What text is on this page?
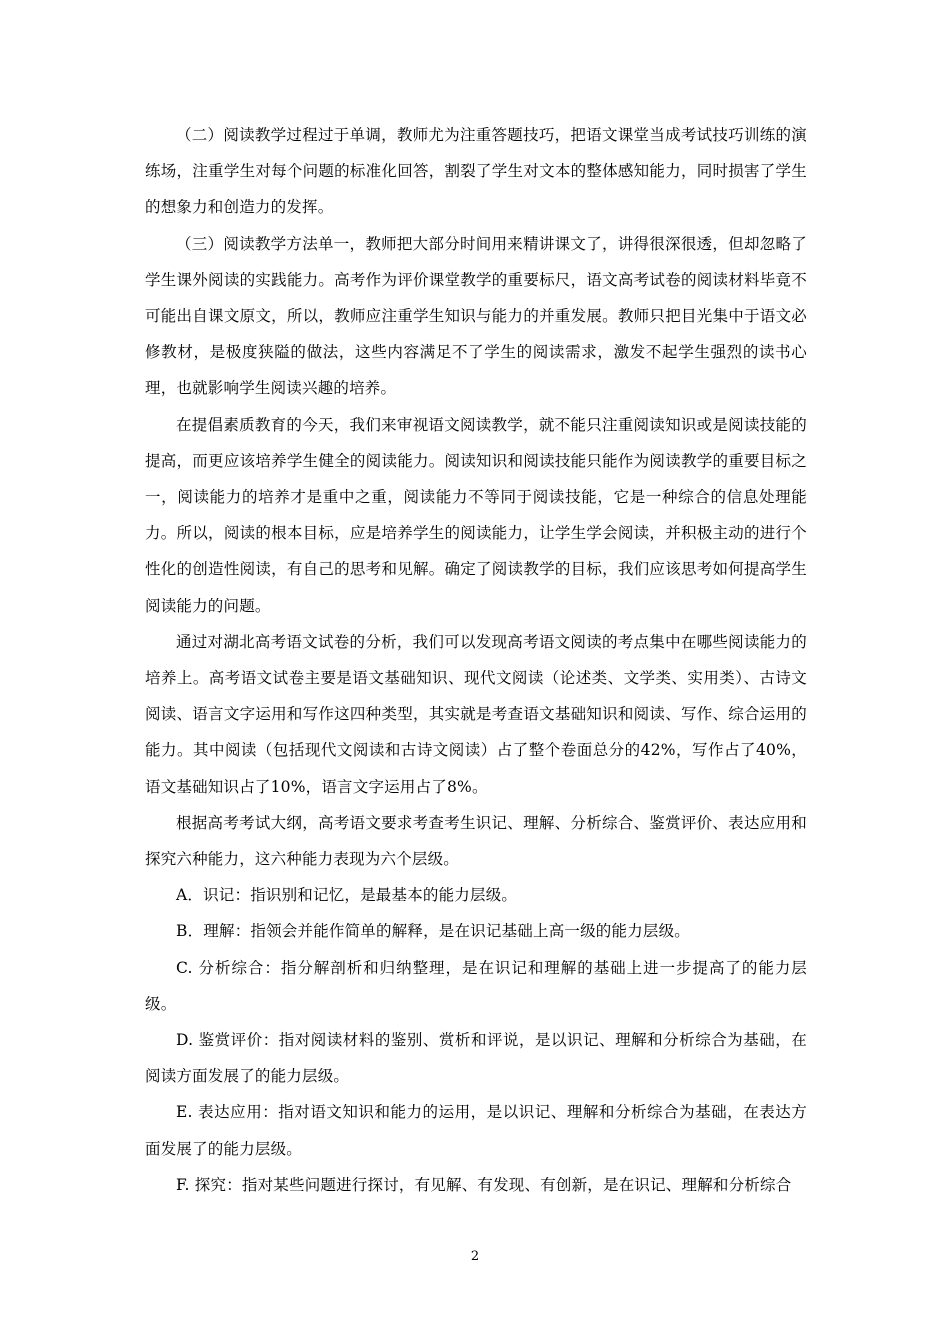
（二）阅读教学过程过于单调，教师尤为注重答题技巧，把语文课堂当成考试技巧训练的演练场，注重学生对每个问题的标准化回答，割裂了学生对文本的整体感知能力，同时损害了学生的想象力和创造力的发挥。

（三）阅读教学方法单一，教师把大部分时间用来精讲课文了，讲得很深很透，但却忽略了学生课外阅读的实践能力。高考作为评价课堂教学的重要标尺，语文高考试卷的阅读材料毕竟不可能出自课文原文，所以，教师应注重学生知识与能力的并重发展。教师只把目光集中于语文必修教材，是极度狭隘的做法，这些内容满足不了学生的阅读需求，激发不起学生强烈的读书心理，也就影响学生阅读兴趣的培养。

在提倡素质教育的今天，我们来审视语文阅读教学，就不能只注重阅读知识或是阅读技能的提高，而更应该培养学生健全的阅读能力。阅读知识和阅读技能只能作为阅读教学的重要目标之一，阅读能力的培养才是重中之重，阅读能力不等同于阅读技能，它是一种综合的信息处理能力。所以，阅读的根本目标，应是培养学生的阅读能力，让学生学会阅读，并积极主动的进行个性化的创造性阅读，有自己的思考和见解。确定了阅读教学的目标，我们应该思考如何提高学生阅读能力的问题。

通过对湖北高考语文试卷的分析，我们可以发现高考语文阅读的考点集中在哪些阅读能力的培养上。高考语文试卷主要是语文基础知识、现代文阅读（论述类、文学类、实用类）、古诗文阅读、语言文字运用和写作这四种类型，其实就是考查语文基础知识和阅读、写作、综合运用的能力。其中阅读（包括现代文阅读和古诗文阅读）占了整个卷面总分的42%，写作占了40%，语文基础知识占了10%，语言文字运用占了8%。

根据高考考试大纲，高考语文要求考查考生识记、理解、分析综合、鉴赏评价、表达应用和探究六种能力，这六种能力表现为六个层级。

A．识记：指识别和记忆，是最基本的能力层级。

B．理解：指领会并能作简单的解释，是在识记基础上高一级的能力层级。

C. 分析综合：指分解剖析和归纳整理，是在识记和理解的基础上进一步提高了的能力层级。

D. 鉴赏评价：指对阅读材料的鉴别、赏析和评说，是以识记、理解和分析综合为基础，在阅读方面发展了的能力层级。

E. 表达应用：指对语文知识和能力的运用，是以识记、理解和分析综合为基础，在表达方面发展了的能力层级。

F. 探究：指对某些问题进行探讨，有见解、有发现、有创新，是在识记、理解和分析综合

2
